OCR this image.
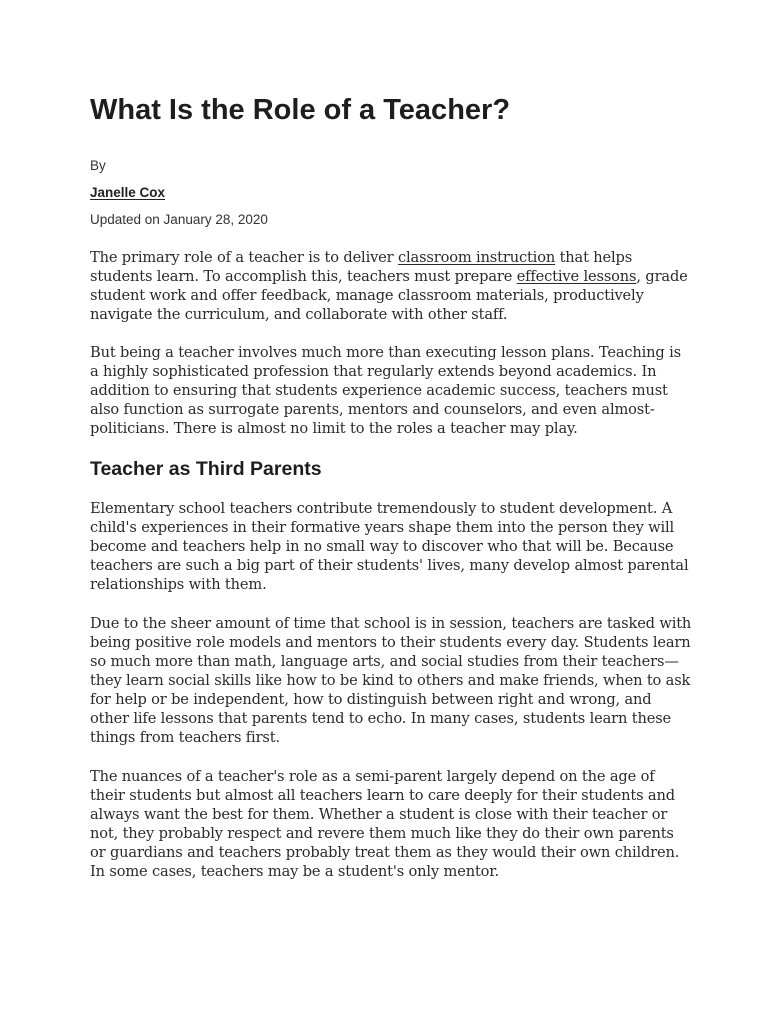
What Is the Role of a Teacher?
By
Janelle Cox
Updated on January 28, 2020

The primary role of a teacher is to deliver classroom instruction that helps students learn. To accomplish this, teachers must prepare effective lessons, grade student work and offer feedback, manage classroom materials, productively navigate the curriculum, and collaborate with other staff.

But being a teacher involves much more than executing lesson plans. Teaching is a highly sophisticated profession that regularly extends beyond academics. In addition to ensuring that students experience academic success, teachers must also function as surrogate parents, mentors and counselors, and even almost-politicians. There is almost no limit to the roles a teacher may play.

Teacher as Third Parents

Elementary school teachers contribute tremendously to student development. A child's experiences in their formative years shape them into the person they will become and teachers help in no small way to discover who that will be. Because teachers are such a big part of their students' lives, many develop almost parental relationships with them.

Due to the sheer amount of time that school is in session, teachers are tasked with being positive role models and mentors to their students every day. Students learn so much more than math, language arts, and social studies from their teachers—they learn social skills like how to be kind to others and make friends, when to ask for help or be independent, how to distinguish between right and wrong, and other life lessons that parents tend to echo. In many cases, students learn these things from teachers first.

The nuances of a teacher's role as a semi-parent largely depend on the age of their students but almost all teachers learn to care deeply for their students and always want the best for them. Whether a student is close with their teacher or not, they probably respect and revere them much like they do their own parents or guardians and teachers probably treat them as they would their own children. In some cases, teachers may be a student's only mentor.
